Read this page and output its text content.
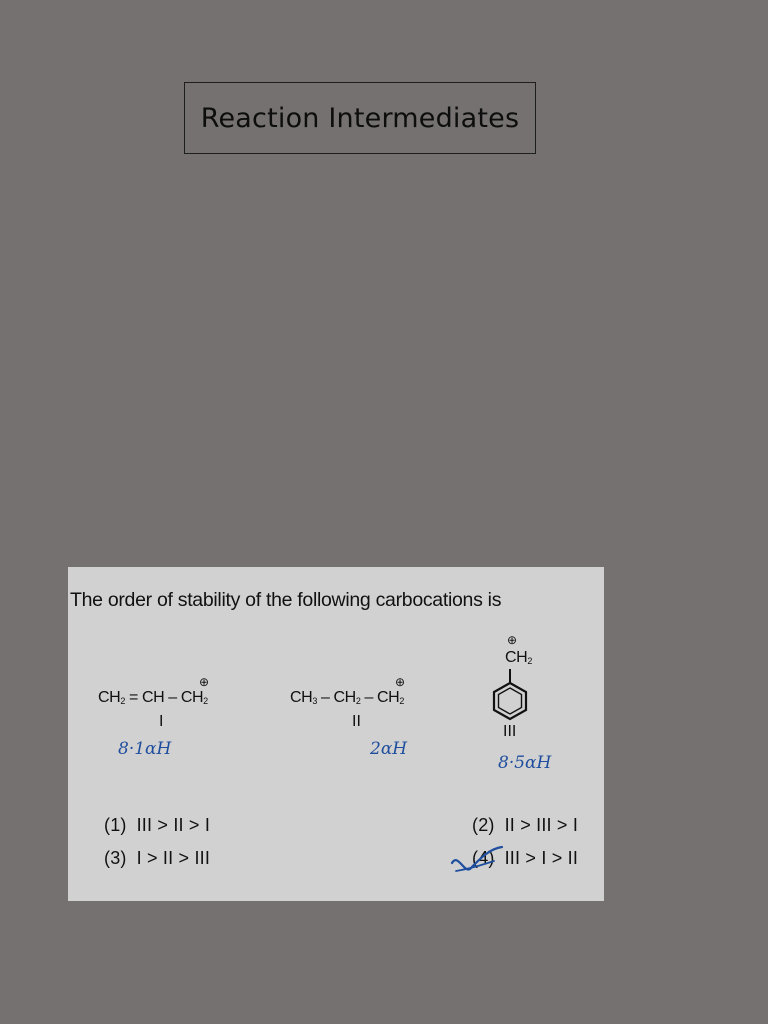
Reaction Intermediates
The order of stability of the following carbocations is
$CH_2$ = CH – $CH_2$
⊕
I
8·1αH
$CH_3 - CH_2 - CH_2$
⊕
II
2αH
⊕
$CH_2$
III
8·5αH
(1) III > II > I	(2) II > III > I
(3) I > II > III	(4) III > I > II
